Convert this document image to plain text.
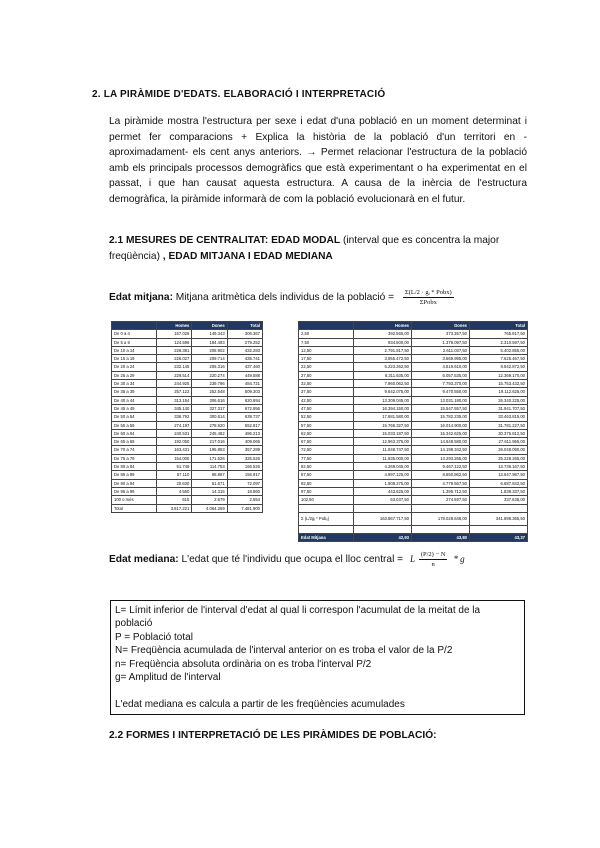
2. LA PIRÀMIDE D'EDATS. ELABORACIÓ I INTERPRETACIÓ
La piràmide mostra l'estructura per sexe i edat d'una població en un moment determinat i permet fer comparacions + Explica la història de la població d'un territori en -aproximadament- els cent anys anteriors. → Permet relacionar l'estructura de la població amb els principals processos demogràfics que està experimentant o ha experimentat en el passat, i que han causat aquesta estructura. A causa de la inèrcia de l'estructura demogràfica, la piràmide informarà de com la població evolucionarà en el futur.
2.1 MESURES DE CENTRALITAT: EDAD MODAL (interval que es concentra la major freqüència) , EDAD MITJANA I EDAD MEDIANA
Edat mitjana: Mitjana aritmètica dels individus de la població = $\frac{\text{Σ(L/2 · gᵢ * Pobx)}}{\text{ΣPobx}}$
	Homes	Dones	Total
De 0 a 4	157.026	149.343	306.367
De 5 a 9	124.596	184.493	279.252
De 10 a 14	228.381	208.902	432.283
De 15 a 19	226.027	209.714	435.741
De 20 a 24	232.145	205.316	437.460
De 25 a 29	229.514	220.274	449.588
De 30 a 34	244.925	239.796	484.721
De 35 a 39	257.122	252.548	509.303
De 40 a 44	313.154	306.616	620.694
De 45 a 49	345.140	327.317	672.956
De 50 a 54	336.792	300.614	639.737
De 55 a 59	274.197	278.520	552.817
De 60 a 64	240.531	245.482	486.213
De 65 a 69	192.050	217.016	409.066
De 70 a 74	163.431	195.853	357.289
De 75 a 79	154.000	171.526	325.526
De 80 a 84	51.746	114.753	166.526
De 85 a 89	57.110	98.867	156.917
De 90 a 94	20.630	51.671	72.097
De 95 a 99	4.550	14.315	18.860
100 o més	615	2.679	2.554
Total	3.817.221	4.064.269	7.481.900
	Homes	Dones	Total
2,50	392.565,00	373.357,50	765.917,50
7,50	934.500,00	1.376.097,50	2.310.597,50
12,50	2.791.817,50	2.611.037,50	5.402.855,00
17,50	3.955.472,50	3.669.995,00	7.625.467,50
22,50	5.223.262,50	4.619.610,00	9.842.872,50
27,50	6.311.635,00	6.057.535,00	12.369.170,00
32,50	7.960.062,50	7.793.370,00	15.753.432,50
37,50	9.642.075,00	9.470.550,00	19.112.625,00
42,50	13.309.045,00	13.031.180,00	26.340.225,00
47,50	16.394.150,00	15.547.557,50	31.941.707,50
52,50	17.681.580,00	15.782.235,00	33.463.815,00
57,50	15.766.327,50	16.014.900,00	31.781.227,50
62,50	15.033.187,50	15.342.625,00	30.375.812,50
67,50	12.963.375,00	14.648.580,00	27.611.955,00
72,50	11.848.747,50	14.199.342,50	26.048.090,00
77,50	11.935.000,00	13.293.265,00	25.228.265,00
82,50	4.269.045,00	9.467.122,50	13.736.167,50
87,50	4.997.125,00	8.650.862,50	13.647.987,50
92,50	1.908.275,00	4.779.567,50	6.687.842,50
97,50	443.625,00	1.395.712,50	1.839.337,50
102,50	63.037,50	274.597,50	337.635,00

Σ (L/2gᵢ * Pobₓ)	163.867.717,50	178.028.648,00	341.896.365,50

Edat Mitjana	42,93	43,80	43,37
Edat mediana: L'edat que té l'individu que ocupa el lloc central = L $\frac{(P/2) - N}{n}$ * g
L= Límit inferior de l'interval d'edat al qual li correspon l'acumulat de la meitat de la població
P = Població total
N= Freqüència acumulada de l'interval anterior on es troba el valor de la P/2
n= Freqüència absoluta ordinària on es troba l'interval P/2
g= Amplitud de l'interval
L'edat mediana es calcula a partir de les freqüències acumulades
2.2 FORMES I INTERPRETACIÓ DE LES PIRÀMIDES DE POBLACIÓ:
